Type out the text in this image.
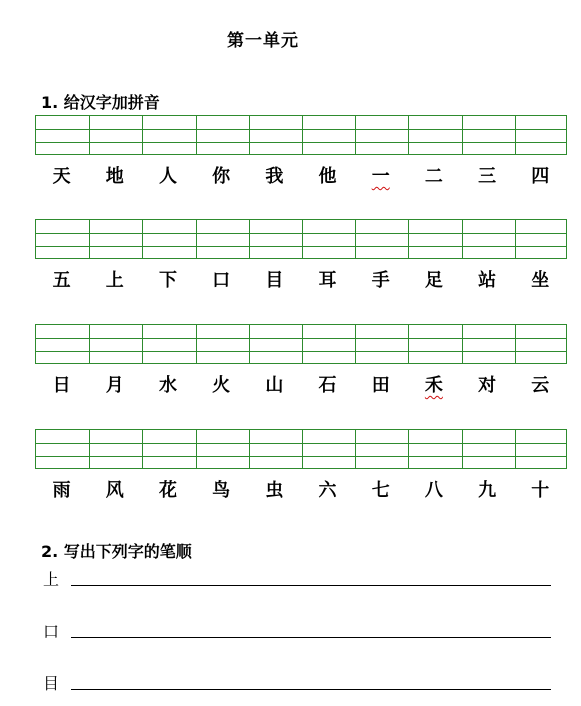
第一单元
1. 给汉字加拼音
天	地	人	你	我	他	一	二	三	四
五	上	下	口	目	耳	手	足	站	坐
日	月	水	火	山	石	田	禾	对	云
雨	风	花	鸟	虫	六	七	八	九	十
2. 写出下列字的笔顺
上
口
目
